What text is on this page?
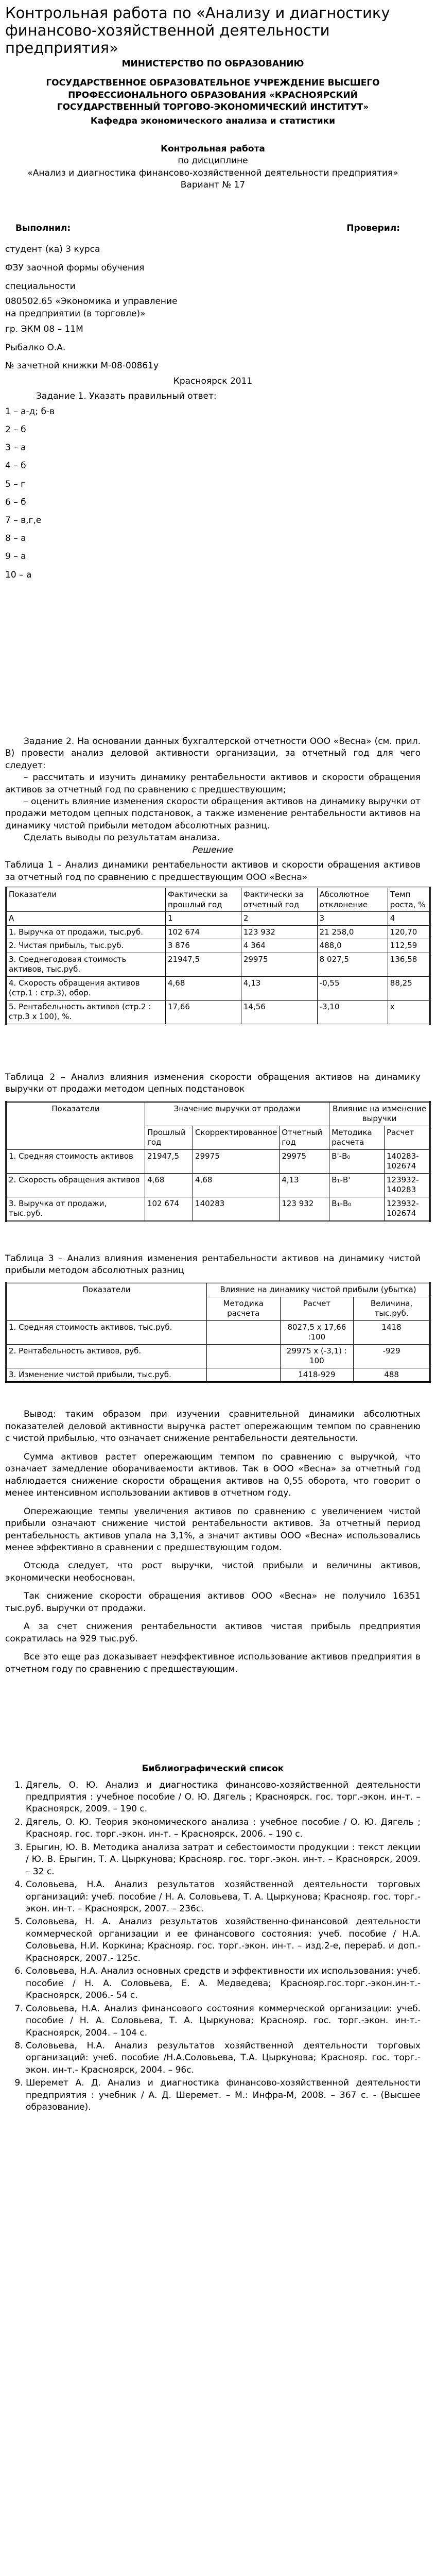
Контрольная работа по «Анализу и диагностику финансово-хозяйственной деятельности предприятия»
МИНИСТЕРСТВО ПО ОБРАЗОВАНИЮ
ГОСУДАРСТВЕННОЕ ОБРАЗОВАТЕЛЬНОЕ УЧРЕЖДЕНИЕ ВЫСШЕГО
ПРОФЕССИОНАЛЬНОГО ОБРАЗОВАНИЯ «КРАСНОЯРСКИЙ
ГОСУДАРСТВЕННЫЙ ТОРГОВО-ЭКОНОМИЧЕСКИЙ ИНСТИТУТ»
Кафедра экономического анализа и статистики
Контрольная работа
по дисциплине
«Анализ и диагностика финансово-хозяйственной деятельности предприятия»
Вариант № 17
Выполнил:	Проверил:
студент (ка) 3 курса
ФЗУ заочной формы обучения
специальности
080502.65 «Экономика и управление
на предприятии (в торговле)»
гр. ЭКМ 08 – 11М
Рыбалко О.А.
№ зачетной книжки М-08-00861у
Красноярск 2011
Задание 1. Указать правильный ответ:
1 – а-д; б-в
2 – б
3 – а
4 – б
5 – г
6 – б
7 – в,г,е
8 – а
9 – а
10 – а
Задание 2. На основании данных бухгалтерской отчетности ООО «Весна» (см. прил. В) провести анализ деловой активности организации, за отчетный год для чего следует:
– рассчитать и изучить динамику рентабельности активов и скорости обращения активов за отчетный год по сравнению с предшествующим;
– оценить влияние изменения скорости обращения активов на динамику выручки от продажи методом цепных подстановок, а также изменение рентабельности активов на динамику чистой прибыли методом абсолютных разниц.
Сделать выводы по результатам анализа.
Решение
Таблица 1 – Анализ динамики рентабельности активов и скорости обращения активов за отчетный год по сравнению с предшествующим ООО «Весна»
Показатели	Фактически за прошлый год	Фактически за отчетный год	Абсолютное отклонение	Темп роста, %
А	1	2	3	4
1. Выручка от продажи, тыс.руб.	102 674	123 932	21 258,0	120,70
2. Чистая прибыль, тыс.руб.	3 876	4 364	488,0	112,59
3. Среднегодовая стоимость активов, тыс.руб.	21947,5	29975	8 027,5	136,58
4. Скорость обращения активов (стр.1 : стр.3), обор.	4,68	4,13	-0,55	88,25
5. Рентабельность активов (стр.2 : стр.3 х 100), %.	17,66	14,56	-3,10	х
Таблица 2 – Анализ влияния изменения скорости обращения активов на динамику выручки от продажи методом цепных подстановок
Показатели	Значение выручки от продажи			Влияние на изменение выручки	
	Прошлый год	Скорректированное	Отчетный год	Методика расчета	Расчет
1. Средняя стоимость активов	21947,5	29975	29975	В'-В₀	140283-102674
2. Скорость обращения активов	4,68	4,68	4,13	В₁-В'	123932-140283
3. Выручка от продажи, тыс.руб.	102 674	140283	123 932	В₁-В₀	123932-102674
Таблица 3 – Анализ влияния изменения рентабельности активов на динамику чистой прибыли методом абсолютных разниц
Показатели	Влияние на динамику чистой прибыли (убытка)		
	Методика расчета	Расчет	Величина, тыс.руб.
1. Средняя стоимость активов, тыс.руб.		8027,5 х 17,66 :100	1418
2. Рентабельность активов, руб.		29975 х (-3,1) : 100	-929
3. Изменение чистой прибыли, тыс.руб.		1418-929	488
Вывод: таким образом при изучении сравнительной динамики абсолютных показателей деловой активности выручка растет опережающим темпом по сравнению с чистой прибылью, что означает снижение рентабельности деятельности.
Сумма активов растет опережающим темпом по сравнению с выручкой, что означает замедление оборачиваемости активов. Так в ООО «Весна» за отчетный год наблюдается снижение скорости обращения активов на 0,55 оборота, что говорит о менее интенсивном использовании активов в отчетном году.
Опережающие темпы увеличения активов по сравнению с увеличением чистой прибыли означают снижение чистой рентабельности активов. За отчетный период рентабельность активов упала на 3,1%, а значит активы ООО «Весна» использовались менее эффективно в сравнении с предшествующим годом.
Отсюда следует, что рост выручки, чистой прибыли и величины активов, экономически необоснован.
Так снижение скорости обращения активов ООО «Весна» не получило 16351 тыс.руб. выручки от продажи.
А за счет снижения рентабельности активов чистая прибыль предприятия сократилась на 929 тыс.руб.
Все это еще раз доказывает неэффективное использование активов предприятия в отчетном году по сравнению с предшествующим.
Библиографический список
1. Дягель, О. Ю. Анализ и диагностика финансово-хозяйственной деятельности предприятия : учебное пособие / О. Ю. Дягель ; Красноярск. гос. торг.-экон. ин-т. – Красноярск, 2009. – 190 с.
2. Дягель, О. Ю. Теория экономического анализа : учебное пособие / О. Ю. Дягель ; Краснояр. гос. торг.-экон. ин-т. – Красноярск, 2006. – 190 с.
3. Ерыгин, Ю. В. Методика анализа затрат и себестоимости продукции : текст лекции / Ю. В. Ерыгин, Т. А. Цыркунова; Краснояр. гос. торг.-экон. ин-т. – Красноярск, 2009. – 32 с.
4. Соловьева, Н.А. Анализ результатов хозяйственной деятельности торговых организаций: учеб. пособие / Н. А. Соловьева, Т. А. Цыркунова; Краснояр. гос. торг.-экон. ин-т. – Красноярск, 2007. – 236с.
5. Соловьева, Н. А. Анализ результатов хозяйственно-финансовой деятельности коммерческой организации и ее финансового состояния: учеб. пособие / Н.А. Соловьева, Н.И. Коркина; Краснояр. гос. торг.-экон. ин-т. – изд.2-е, перераб. и доп.- Красноярск, 2007.- 125с.
6. Соловьева, Н.А. Анализ основных средств и эффективности их использования: учеб. пособие / Н. А. Соловьева, Е. А. Медведева; Краснояр.гос.торг.-экон.ин-т.- Красноярск, 2006.- 54 с.
7. Соловьева, Н.А. Анализ финансового состояния коммерческой организации: учеб. пособие / Н. А. Соловьева, Т. А. Цыркунова; Краснояр. гос. торг.-экон. ин-т.- Красноярск, 2004. – 104 с.
8. Соловьева, Н.А. Анализ результатов хозяйственной деятельности торговых организаций: учеб. пособие /Н.А.Соловьева, Т.А. Цыркунова; Краснояр. гос. торг.-экон. ин-т.- Красноярск, 2004. – 96с.
9. Шеремет А. Д. Анализ и диагностика финансово-хозяйственной деятельности предприятия : учебник / А. Д. Шеремет. – М.: Инфра-М, 2008. – 367 с. - (Высшее образование).
